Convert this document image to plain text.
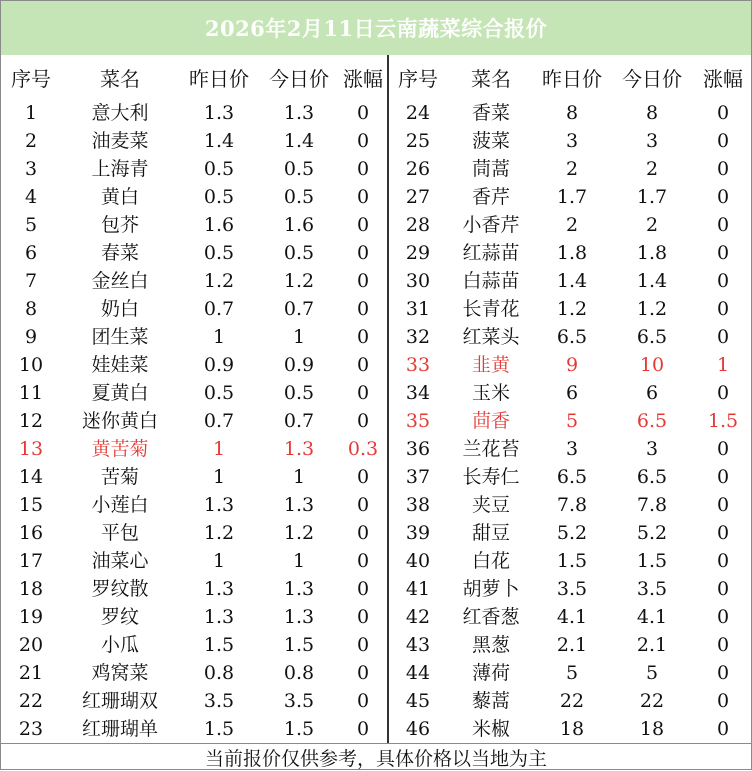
2026年2月11日云南蔬菜综合报价
序号	菜名	昨日价	今日价	涨幅
1	意大利	1.3	1.3	0
2	油麦菜	1.4	1.4	0
3	上海青	0.5	0.5	0
4	黄白	0.5	0.5	0
5	包芥	1.6	1.6	0
6	春菜	0.5	0.5	0
7	金丝白	1.2	1.2	0
8	奶白	0.7	0.7	0
9	团生菜	1	1	0
10	娃娃菜	0.9	0.9	0
11	夏黄白	0.5	0.5	0
12	迷你黄白	0.7	0.7	0
13	黄苦菊	1	1.3	0.3
14	苦菊	1	1	0
15	小莲白	1.3	1.3	0
16	平包	1.2	1.2	0
17	油菜心	1	1	0
18	罗纹散	1.3	1.3	0
19	罗纹	1.3	1.3	0
20	小瓜	1.5	1.5	0
21	鸡窝菜	0.8	0.8	0
22	红珊瑚双	3.5	3.5	0
23	红珊瑚单	1.5	1.5	0
序号	菜名	昨日价	今日价	涨幅
24	香菜	8	8	0
25	菠菜	3	3	0
26	茼蒿	2	2	0
27	香芹	1.7	1.7	0
28	小香芹	2	2	0
29	红蒜苗	1.8	1.8	0
30	白蒜苗	1.4	1.4	0
31	长青花	1.2	1.2	0
32	红菜头	6.5	6.5	0
33	韭黄	9	10	1
34	玉米	6	6	0
35	茴香	5	6.5	1.5
36	兰花苔	3	3	0
37	长寿仁	6.5	6.5	0
38	夹豆	7.8	7.8	0
39	甜豆	5.2	5.2	0
40	白花	1.5	1.5	0
41	胡萝卜	3.5	3.5	0
42	红香葱	4.1	4.1	0
43	黑葱	2.1	2.1	0
44	薄荷	5	5	0
45	藜蒿	22	22	0
46	米椒	18	18	0
当前报价仅供参考，具体价格以当地为主
